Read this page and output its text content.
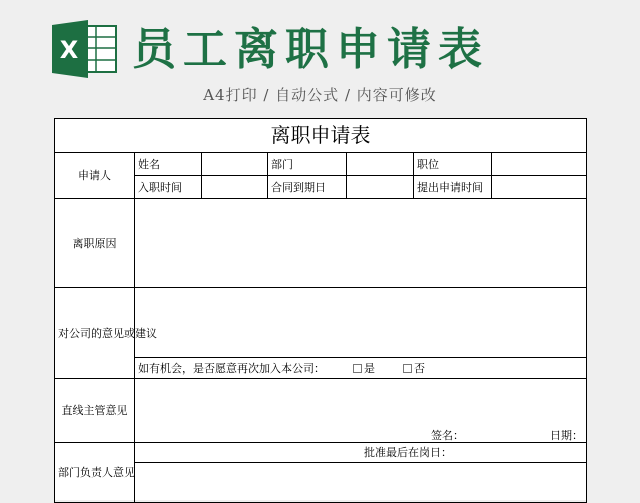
X 员工离职申请表
A4打印 / 自动公式 / 内容可修改
离职申请表						
申请人	姓名		部门		职位	
	入职时间		合同到期日		提出申请时间	
离职原因						
对公司的意见或建议						
	如有机会，是否愿意再次加入本公司： 是 否					
直线主管意见	签名： 日期：					

部门负责人意见	批准最后在岗日：					
